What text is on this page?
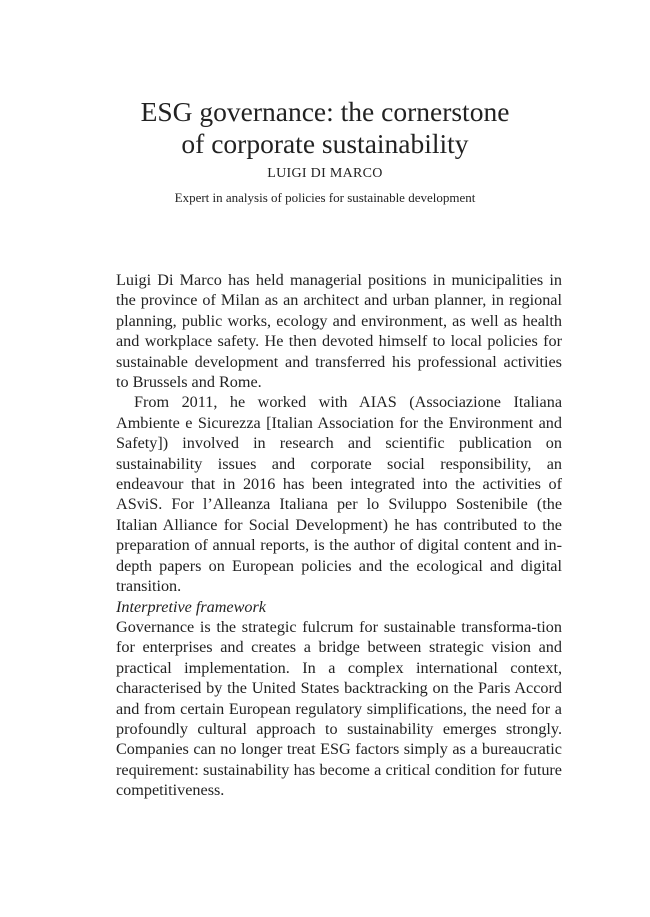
ESG governance: the cornerstone
of corporate sustainability
LUIGI DI MARCO
Expert in analysis of policies for sustainable development

Luigi Di Marco has held managerial positions in municipalities in the province of Milan as an architect and urban planner, in regional planning, public works, ecology and environment, as well as health and workplace safety. He then devoted himself to local policies for sustainable development and transferred his professional activities to Brussels and Rome.

From 2011, he worked with AIAS (Associazione Italiana Ambiente e Sicurezza [Italian Association for the Environment and Safety]) involved in research and scientific publication on sustainability issues and corporate social responsibility, an endeavour that in 2016 has been integrated into the activities of ASviS. For l’Alleanza Italiana per lo Sviluppo Sostenibile (the Italian Alliance for Social Development) he has contributed to the preparation of annual reports, is the author of digital content and in-depth papers on European policies and the ecological and digital transition.

Interpretive framework

Governance is the strategic fulcrum for sustainable transforma-tion for enterprises and creates a bridge between strategic vision and practical implementation. In a complex international context, characterised by the United States backtracking on the Paris Accord and from certain European regulatory simplifications, the need for a profoundly cultural approach to sustainability emerges strongly. Companies can no longer treat ESG factors simply as a bureaucratic requirement: sustainability has become a critical condition for future competitiveness.
